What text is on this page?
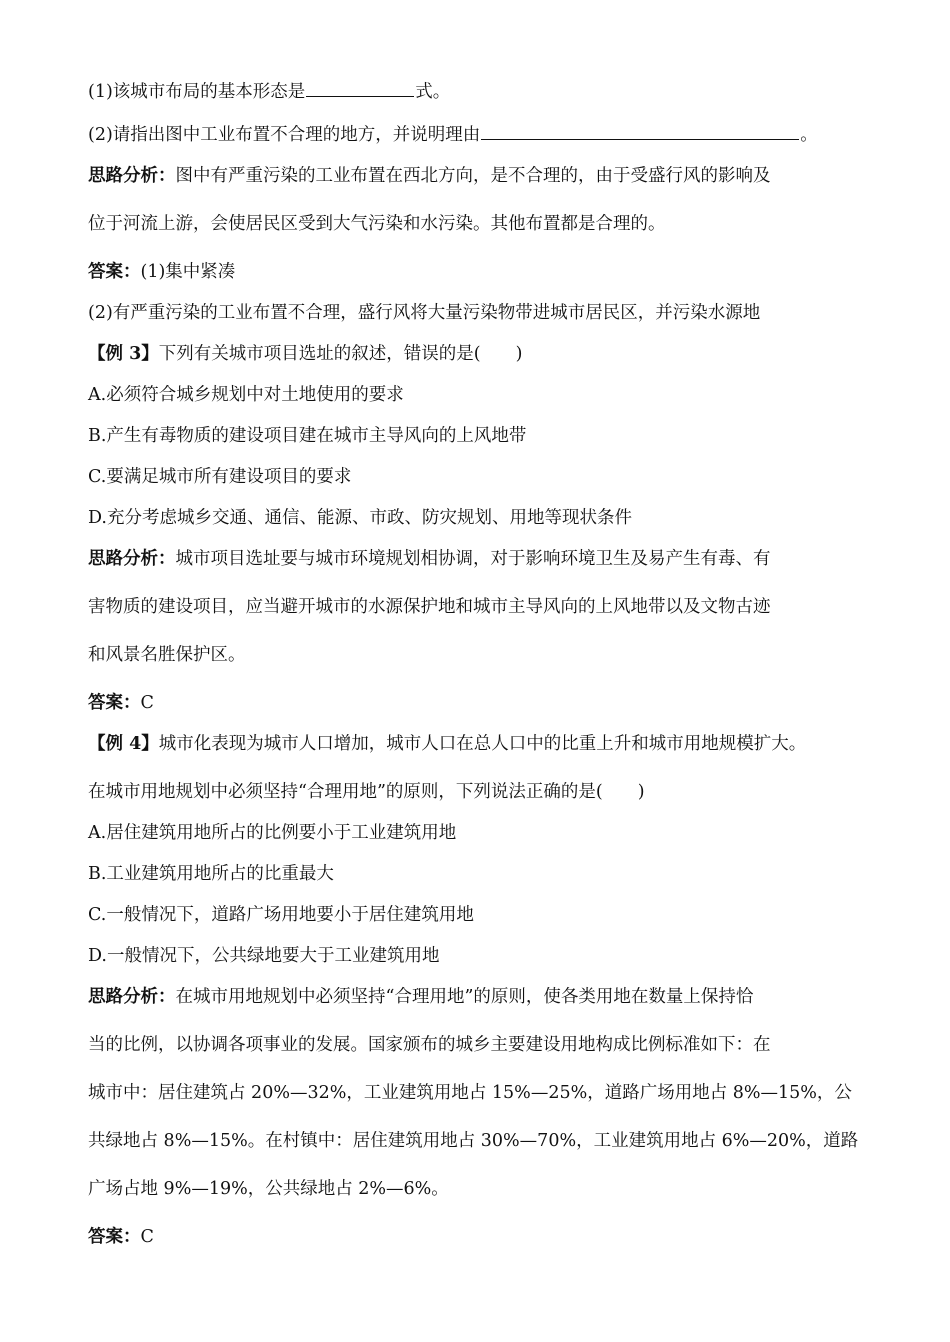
(1)该城市布局的基本形态是	式。

(2)请指出图中工业布置不合理的地方，并说明理由	。

思路分析：图中有严重污染的工业布置在西北方向，是不合理的，由于受盛行风的影响及

位于河流上游，会使居民区受到大气污染和水污染。其他布置都是合理的。

答案：(1)集中紧凑

(2)有严重污染的工业布置不合理，盛行风将大量污染物带进城市居民区，并污染水源地

【例 3】下列有关城市项目选址的叙述，错误的是(　　)

A.必须符合城乡规划中对土地使用的要求

B.产生有毒物质的建设项目建在城市主导风向的上风地带

C.要满足城市所有建设项目的要求

D.充分考虑城乡交通、通信、能源、市政、防灾规划、用地等现状条件

思路分析：城市项目选址要与城市环境规划相协调，对于影响环境卫生及易产生有毒、有

害物质的建设项目，应当避开城市的水源保护地和城市主导风向的上风地带以及文物古迹

和风景名胜保护区。

答案：C

【例 4】城市化表现为城市人口增加，城市人口在总人口中的比重上升和城市用地规模扩大。

在城市用地规划中必须坚持“合理用地”的原则，下列说法正确的是(　　)

A.居住建筑用地所占的比例要小于工业建筑用地

B.工业建筑用地所占的比重最大

C.一般情况下，道路广场用地要小于居住建筑用地

D.一般情况下，公共绿地要大于工业建筑用地

思路分析：在城市用地规划中必须坚持“合理用地”的原则，使各类用地在数量上保持恰

当的比例，以协调各项事业的发展。国家颁布的城乡主要建设用地构成比例标准如下：在

城市中：居住建筑占 20%—32%，工业建筑用地占 15%—25%，道路广场用地占 8%—15%，公

共绿地占 8%—15%。在村镇中：居住建筑用地占 30%—70%，工业建筑用地占 6%—20%，道路

广场占地 9%—19%，公共绿地占 2%—6%。

答案：C
